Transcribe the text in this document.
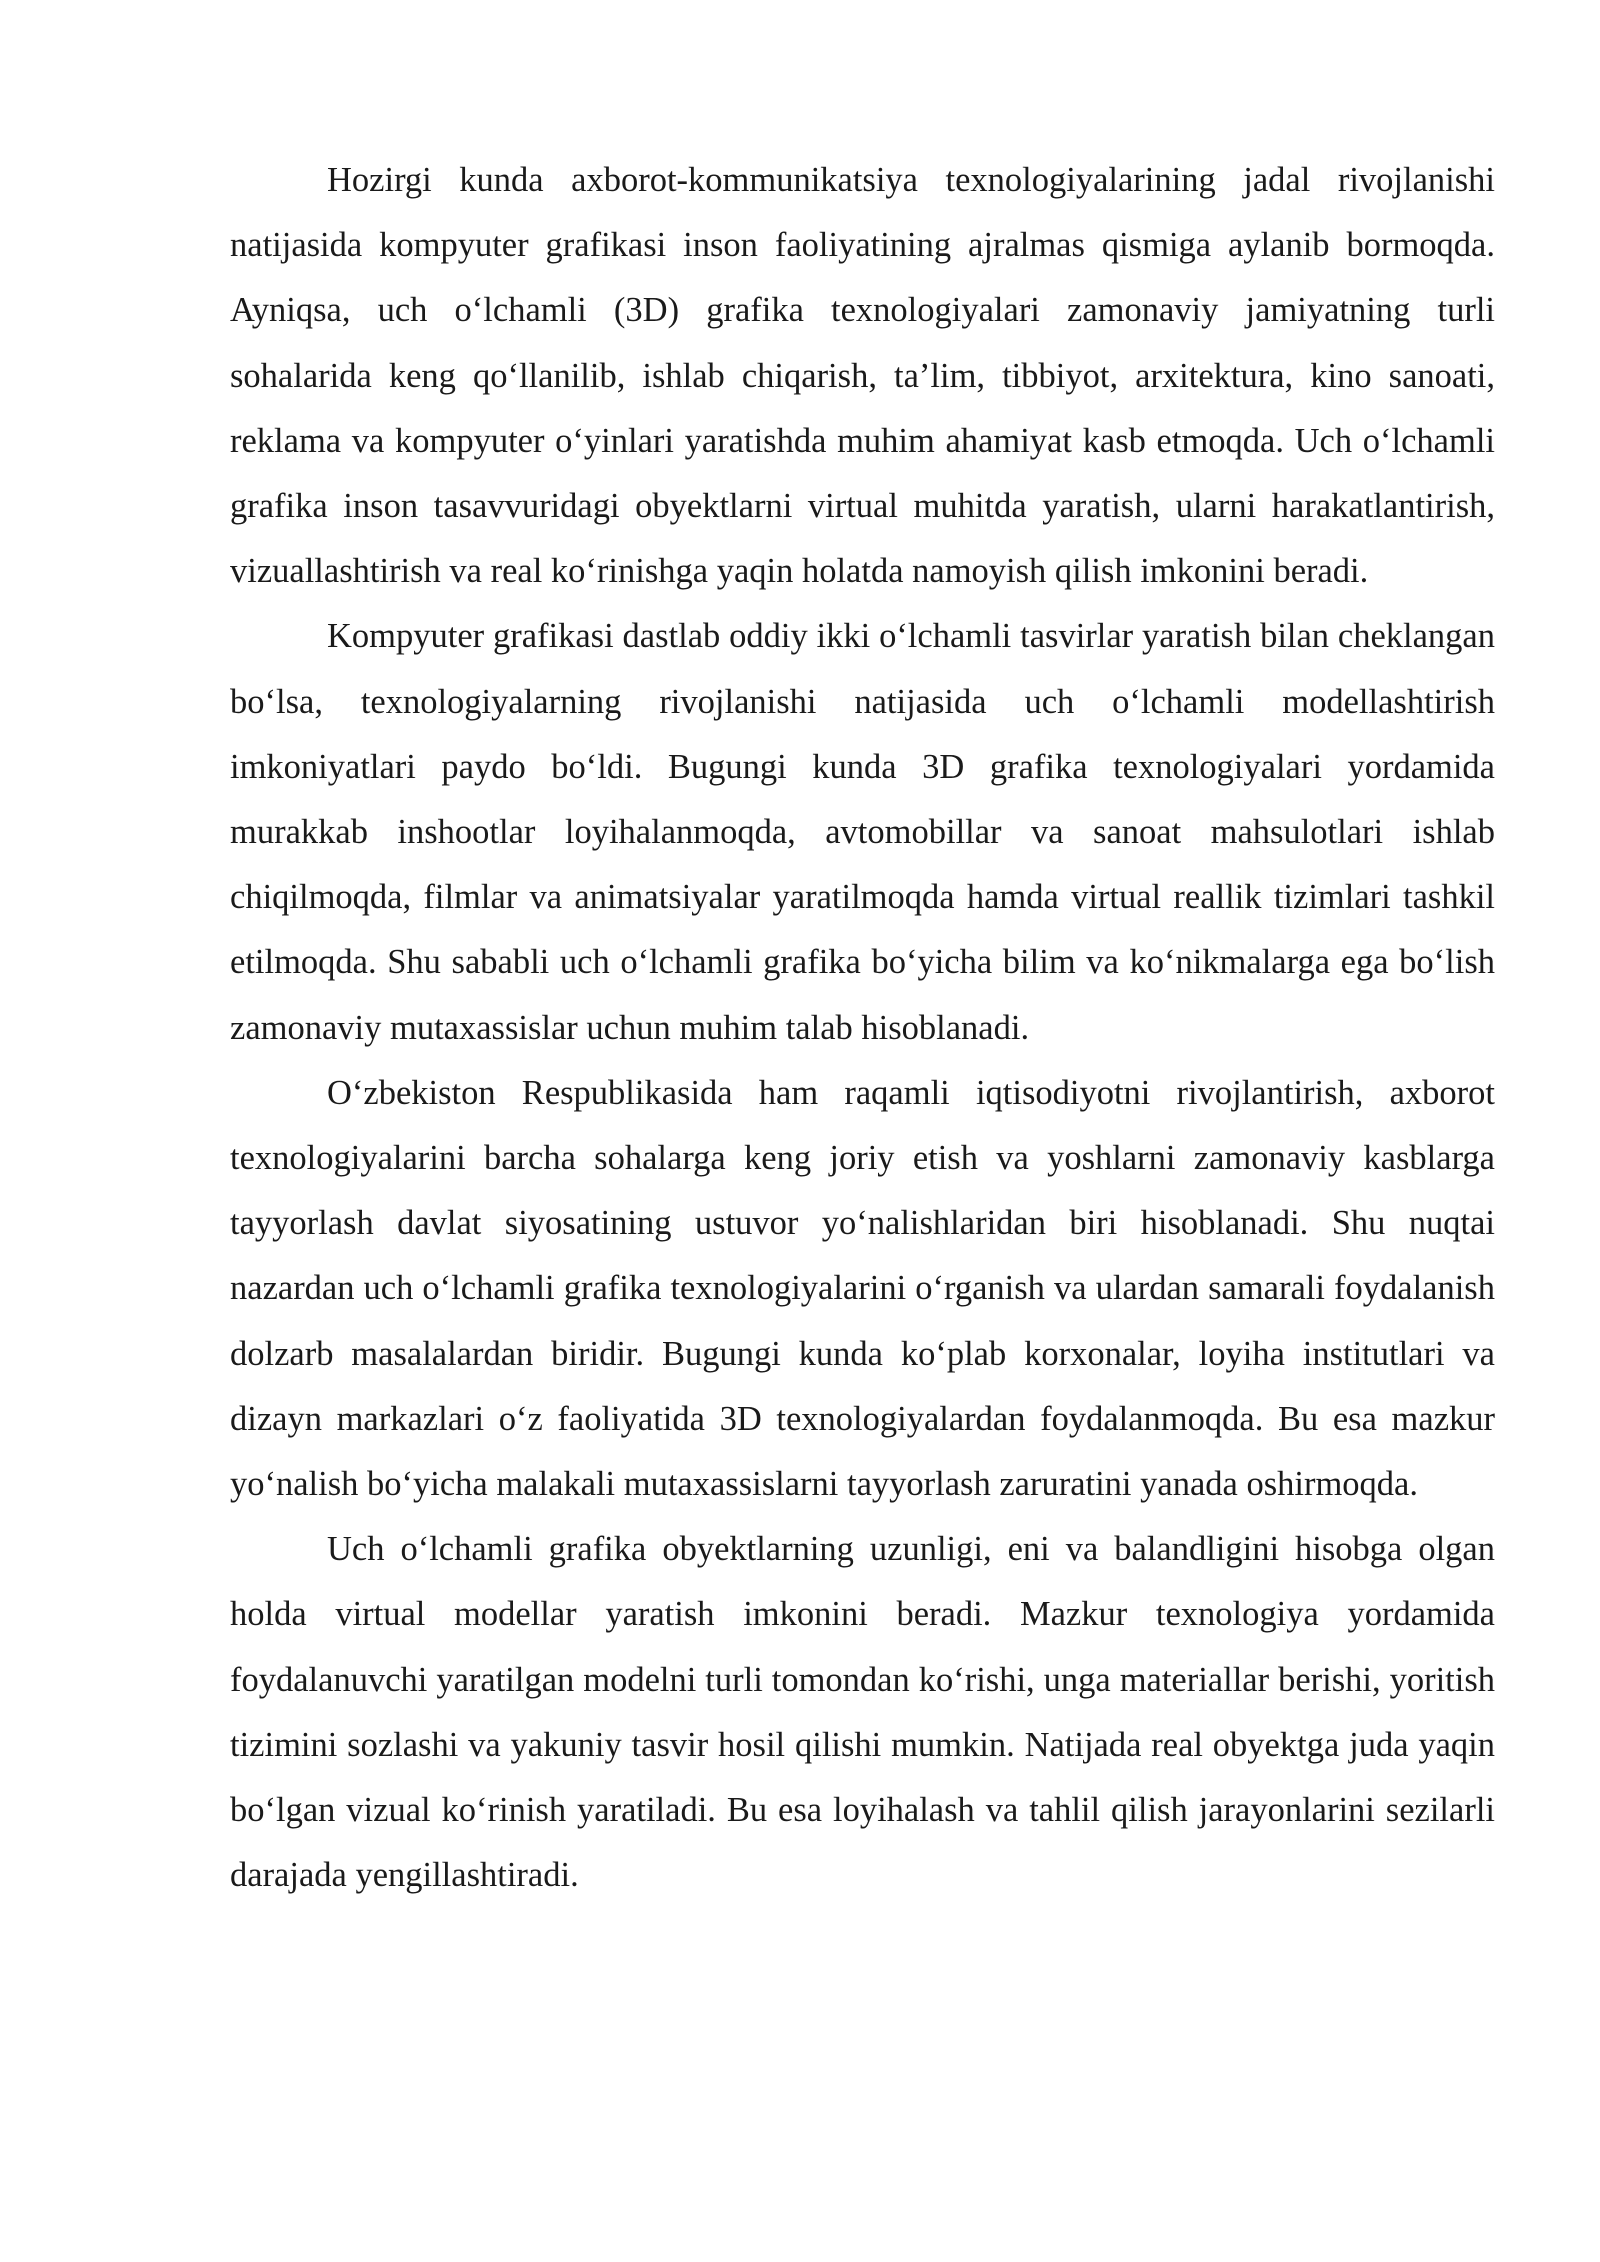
Hozirgi kunda axborot-kommunikatsiya texnologiyalarining jadal rivojlanishi natijasida kompyuter grafikasi inson faoliyatining ajralmas qismiga aylanib bormoqda. Ayniqsa, uch o‘lchamli (3D) grafika texnologiyalari zamonaviy jamiyatning turli sohalarida keng qo‘llanilib, ishlab chiqarish, ta’lim, tibbiyot, arxitektura, kino sanoati, reklama va kompyuter o‘yinlari yaratishda muhim ahamiyat kasb etmoqda. Uch o‘lchamli grafika inson tasavvuridagi obyektlarni virtual muhitda yaratish, ularni harakatlantirish, vizuallashtirish va real ko‘rinishga yaqin holatda namoyish qilish imkonini beradi.

Kompyuter grafikasi dastlab oddiy ikki o‘lchamli tasvirlar yaratish bilan cheklangan bo‘lsa, texnologiyalarning rivojlanishi natijasida uch o‘lchamli modellashtirish imkoniyatlari paydo bo‘ldi. Bugungi kunda 3D grafika texnologiyalari yordamida murakkab inshootlar loyihalanmoqda, avtomobillar va sanoat mahsulotlari ishlab chiqilmoqda, filmlar va animatsiyalar yaratilmoqda hamda virtual reallik tizimlari tashkil etilmoqda. Shu sababli uch o‘lchamli grafika bo‘yicha bilim va ko‘nikmalarga ega bo‘lish zamonaviy mutaxassislar uchun muhim talab hisoblanadi.

O‘zbekiston Respublikasida ham raqamli iqtisodiyotni rivojlantirish, axborot texnologiyalarini barcha sohalarga keng joriy etish va yoshlarni zamonaviy kasblarga tayyorlash davlat siyosatining ustuvor yo‘nalishlaridan biri hisoblanadi. Shu nuqtai nazardan uch o‘lchamli grafika texnologiyalarini o‘rganish va ulardan samarali foydalanish dolzarb masalalardan biridir. Bugungi kunda ko‘plab korxonalar, loyiha institutlari va dizayn markazlari o‘z faoliyatida 3D texnologiyalardan foydalanmoqda. Bu esa mazkur yo‘nalish bo‘yicha malakali mutaxassislarni tayyorlash zaruratini yanada oshirmoqda.

Uch o‘lchamli grafika obyektlarning uzunligi, eni va balandligini hisobga olgan holda virtual modellar yaratish imkonini beradi. Mazkur texnologiya yordamida foydalanuvchi yaratilgan modelni turli tomondan ko‘rishi, unga materiallar berishi, yoritish tizimini sozlashi va yakuniy tasvir hosil qilishi mumkin. Natijada real obyektga juda yaqin bo‘lgan vizual ko‘rinish yaratiladi. Bu esa loyihalash va tahlil qilish jarayonlarini sezilarli darajada yengillashtiradi.
